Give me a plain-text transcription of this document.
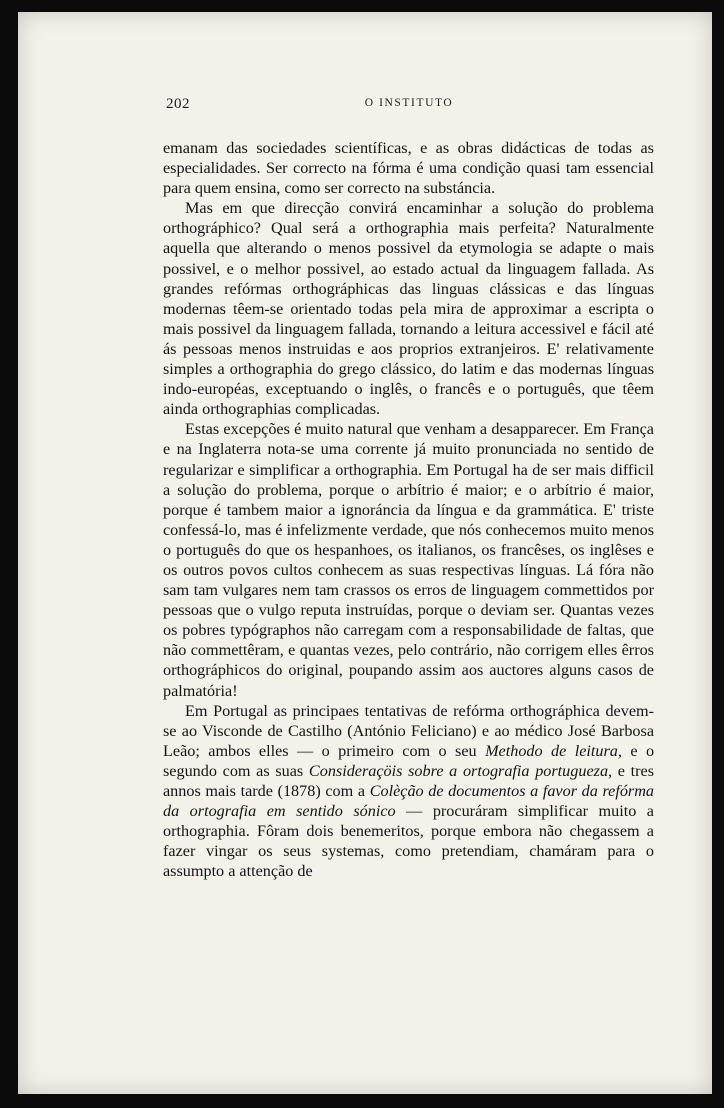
202	O INSTITUTO

emanam das sociedades scientíficas, e as obras didácticas de todas as especialidades. Ser correcto na fórma é uma condição quasi tam essencial para quem ensina, como ser correcto na substáncia.

Mas em que direcção convirá encaminhar a solução do problema orthográphico? Qual será a orthographia mais perfeita? Naturalmente aquella que alterando o menos possivel da etymologia se adapte o mais possivel, e o melhor possivel, ao estado actual da linguagem fallada. As grandes refórmas orthográphicas das linguas clássicas e das línguas modernas têem-se orientado todas pela mira de approximar a escripta o mais possivel da linguagem fallada, tornando a leitura accessivel e fácil até ás pessoas menos instruidas e aos proprios extranjeiros. E' relativamente simples a orthographia do grego clássico, do latim e das modernas línguas indo-européas, exceptuando o inglês, o francês e o português, que têem ainda orthographias complicadas.

Estas excepções é muito natural que venham a desapparecer. Em França e na Inglaterra nota-se uma corrente já muito pronunciada no sentido de regularizar e simplificar a orthographia. Em Portugal ha de ser mais difficil a solução do problema, porque o arbítrio é maior; e o arbítrio é maior, porque é tambem maior a ignoráncia da língua e da grammática. E' triste confessá-lo, mas é infelizmente verdade, que nós conhecemos muito menos o português do que os hespanhoes, os italianos, os francêses, os inglêses e os outros povos cultos conhecem as suas respectivas línguas. Lá fóra não sam tam vulgares nem tam crassos os erros de linguagem commettidos por pessoas que o vulgo reputa instruídas, porque o deviam ser. Quantas vezes os pobres typógraphos não carregam com a responsabilidade de faltas, que não commettêram, e quantas vezes, pelo contrário, não corrigem elles êrros orthográphicos do original, poupando assim aos auctores alguns casos de palmatória!

Em Portugal as principaes tentativas de refórma orthográphica devem-se ao Visconde de Castilho (António Feliciano) e ao médico José Barbosa Leão; ambos elles — o primeiro com o seu Methodo de leitura, e o segundo com as suas Consideraçöis sobre a ortografia portugueza, e tres annos mais tarde (1878) com a Colèção de documentos a favor da refórma da ortografia em sentido sónico — procuráram simplificar muito a orthographia. Fôram dois benemeritos, porque embora não chegassem a fazer vingar os seus systemas, como pretendiam, chamáram para o assumpto a attenção de
